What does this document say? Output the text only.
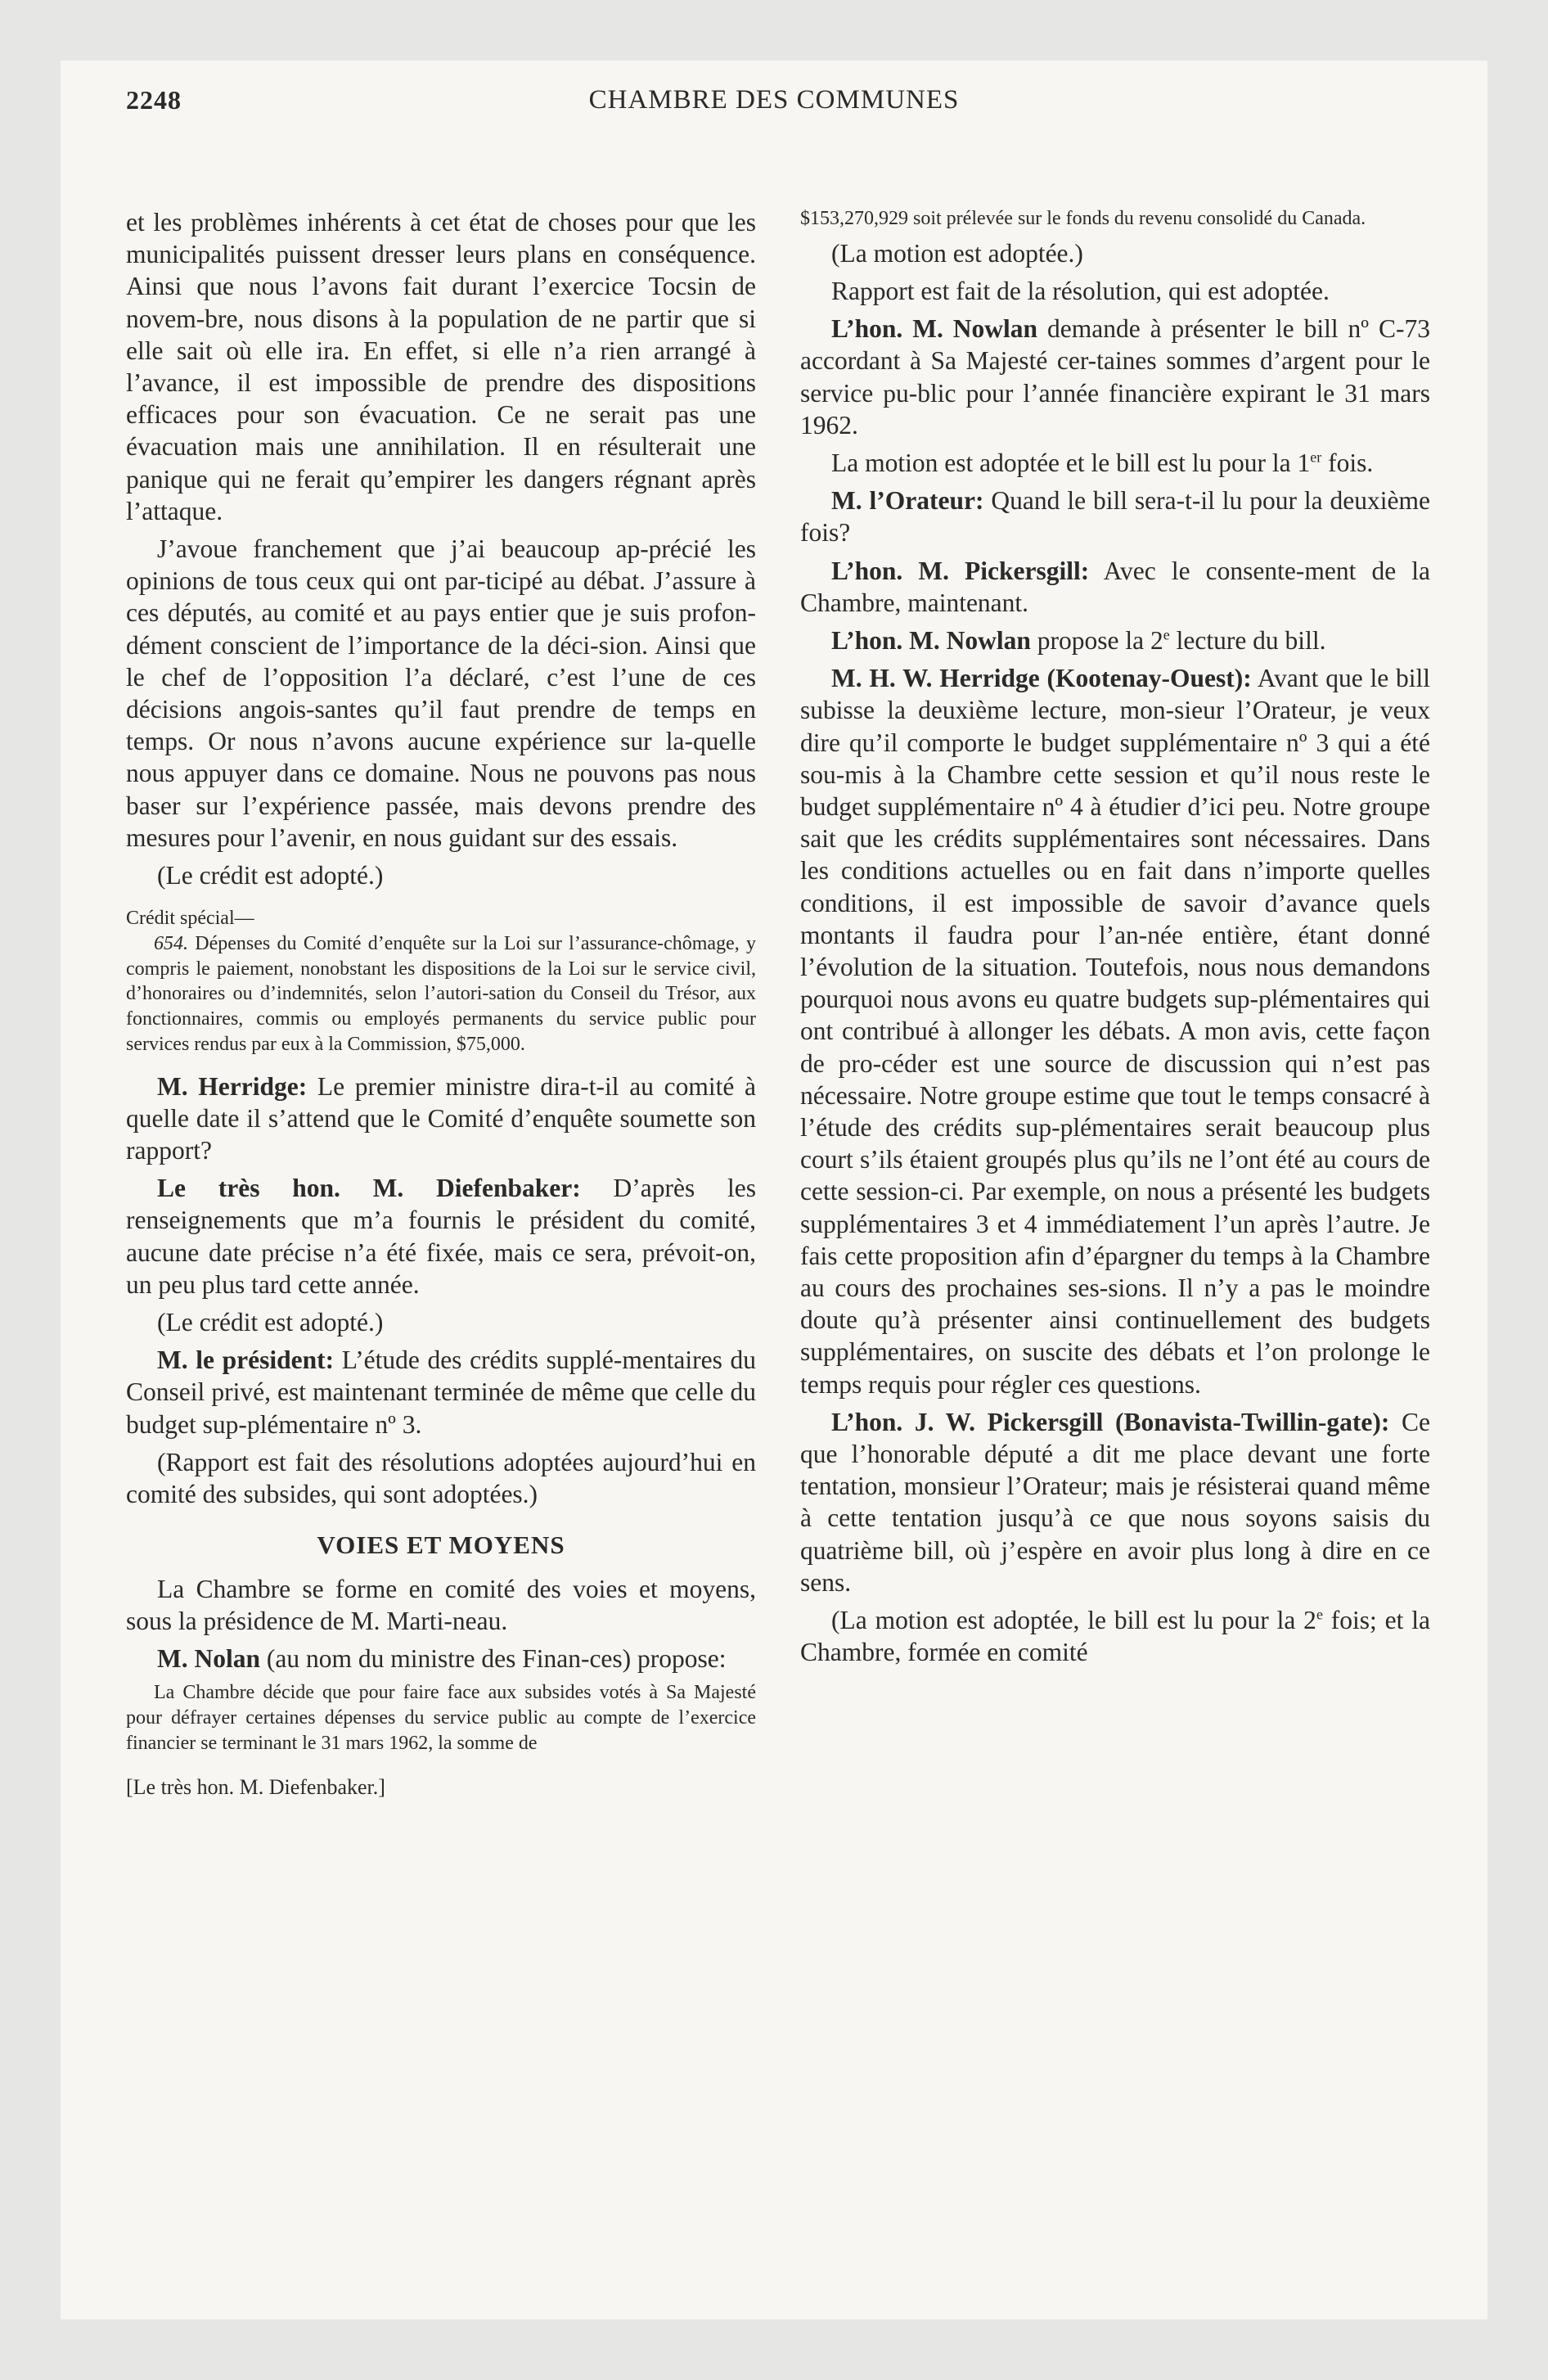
2248	CHAMBRE DES COMMUNES

et les problèmes inhérents à cet état de choses pour que les municipalités puissent dresser leurs plans en conséquence. Ainsi que nous l’avons fait durant l’exercice Tocsin de novem-bre, nous disons à la population de ne partir que si elle sait où elle ira. En effet, si elle n’a rien arrangé à l’avance, il est impossible de prendre des dispositions efficaces pour son évacuation. Ce ne serait pas une évacuation mais une annihilation. Il en résulterait une panique qui ne ferait qu’empirer les dangers régnant après l’attaque.

J’avoue franchement que j’ai beaucoup ap-précié les opinions de tous ceux qui ont par-ticipé au débat. J’assure à ces députés, au comité et au pays entier que je suis profon-dément conscient de l’importance de la déci-sion. Ainsi que le chef de l’opposition l’a déclaré, c’est l’une de ces décisions angois-santes qu’il faut prendre de temps en temps. Or nous n’avons aucune expérience sur la-quelle nous appuyer dans ce domaine. Nous ne pouvons pas nous baser sur l’expérience passée, mais devons prendre des mesures pour l’avenir, en nous guidant sur des essais.

(Le crédit est adopté.)

Crédit spécial—

654. Dépenses du Comité d’enquête sur la Loi sur l’assurance-chômage, y compris le paiement, nonobstant les dispositions de la Loi sur le service civil, d’honoraires ou d’indemnités, selon l’autori-sation du Conseil du Trésor, aux fonctionnaires, commis ou employés permanents du service public pour services rendus par eux à la Commission, $75,000.

M. Herridge: Le premier ministre dira-t-il au comité à quelle date il s’attend que le Comité d’enquête soumette son rapport?

Le très hon. M. Diefenbaker: D’après les renseignements que m’a fournis le président du comité, aucune date précise n’a été fixée, mais ce sera, prévoit-on, un peu plus tard cette année.

(Le crédit est adopté.)

M. le président: L’étude des crédits supplé-mentaires du Conseil privé, est maintenant terminée de même que celle du budget sup-plémentaire nº 3.

(Rapport est fait des résolutions adoptées aujourd’hui en comité des subsides, qui sont adoptées.)

VOIES ET MOYENS

La Chambre se forme en comité des voies et moyens, sous la présidence de M. Marti-neau.

M. Nolan (au nom du ministre des Finan-ces) propose:

La Chambre décide que pour faire face aux subsides votés à Sa Majesté pour défrayer certaines dépenses du service public au compte de l’exercice financier se terminant le 31 mars 1962, la somme de

[Le très hon. M. Diefenbaker.]

$153,270,929 soit prélevée sur le fonds du revenu consolidé du Canada.

(La motion est adoptée.)

Rapport est fait de la résolution, qui est adoptée.

L’hon. M. Nowlan demande à présenter le bill nº C-73 accordant à Sa Majesté cer-taines sommes d’argent pour le service pu-blic pour l’année financière expirant le 31 mars 1962.

La motion est adoptée et le bill est lu pour la 1er fois.

M. l’Orateur: Quand le bill sera-t-il lu pour la deuxième fois?

L’hon. M. Pickersgill: Avec le consente-ment de la Chambre, maintenant.

L’hon. M. Nowlan propose la 2e lecture du bill.

M. H. W. Herridge (Kootenay-Ouest): Avant que le bill subisse la deuxième lecture, mon-sieur l’Orateur, je veux dire qu’il comporte le budget supplémentaire nº 3 qui a été sou-mis à la Chambre cette session et qu’il nous reste le budget supplémentaire nº 4 à étudier d’ici peu. Notre groupe sait que les crédits supplémentaires sont nécessaires. Dans les conditions actuelles ou en fait dans n’importe quelles conditions, il est impossible de savoir d’avance quels montants il faudra pour l’an-née entière, étant donné l’évolution de la situation. Toutefois, nous nous demandons pourquoi nous avons eu quatre budgets sup-plémentaires qui ont contribué à allonger les débats. A mon avis, cette façon de pro-céder est une source de discussion qui n’est pas nécessaire. Notre groupe estime que tout le temps consacré à l’étude des crédits sup-plémentaires serait beaucoup plus court s’ils étaient groupés plus qu’ils ne l’ont été au cours de cette session-ci. Par exemple, on nous a présenté les budgets supplémentaires 3 et 4 immédiatement l’un après l’autre. Je fais cette proposition afin d’épargner du temps à la Chambre au cours des prochaines ses-sions. Il n’y a pas le moindre doute qu’à présenter ainsi continuellement des budgets supplémentaires, on suscite des débats et l’on prolonge le temps requis pour régler ces questions.

L’hon. J. W. Pickersgill (Bonavista-Twillin-gate): Ce que l’honorable député a dit me place devant une forte tentation, monsieur l’Orateur; mais je résisterai quand même à cette tentation jusqu’à ce que nous soyons saisis du quatrième bill, où j’espère en avoir plus long à dire en ce sens.

(La motion est adoptée, le bill est lu pour la 2e fois; et la Chambre, formée en comité
